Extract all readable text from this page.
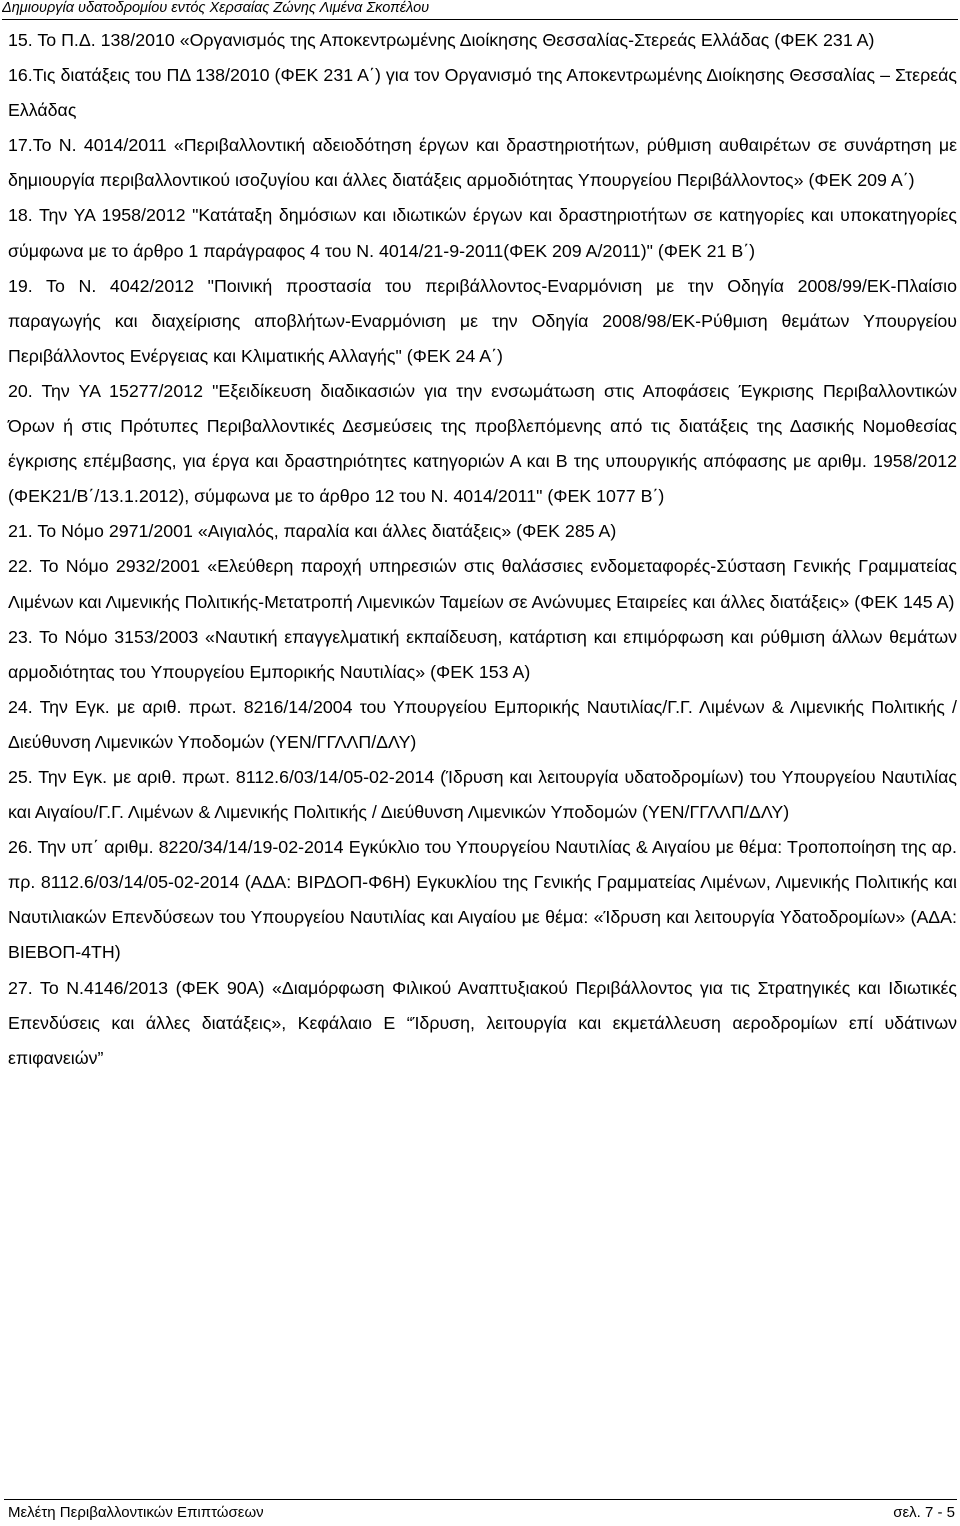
Δημιουργία υδατοδρομίου εντός Χερσαίας Ζώνης Λιμένα Σκοπέλου

15. Το Π.Δ. 138/2010 «Οργανισμός της Αποκεντρωμένης Διοίκησης Θεσσαλίας-Στερεάς Ελλάδας (ΦΕΚ 231 Α)

16.Τις διατάξεις του ΠΔ 138/2010 (ΦΕΚ 231 Α΄) για τον Οργανισμό της Αποκεντρωμένης Διοίκησης Θεσσαλίας – Στερεάς Ελλάδας

17.Το Ν. 4014/2011 «Περιβαλλοντική αδειοδότηση έργων και δραστηριοτήτων, ρύθμιση αυθαιρέτων σε συνάρτηση με δημιουργία περιβαλλοντικού ισοζυγίου και άλλες διατάξεις αρμοδιότητας Υπουργείου Περιβάλλοντος» (ΦΕΚ 209 Α΄)

18. Την ΥΑ 1958/2012 "Κατάταξη δημόσιων και ιδιωτικών έργων και δραστηριοτήτων σε κατηγορίες και υποκατηγορίες σύμφωνα με το άρθρο 1 παράγραφος 4 του Ν. 4014/21-9-2011(ΦΕΚ 209 Α/2011)" (ΦΕΚ 21 Β΄)

19. Το Ν. 4042/2012 "Ποινική προστασία του περιβάλλοντος-Εναρμόνιση με την Οδηγία 2008/99/ΕΚ-Πλαίσιο παραγωγής και διαχείρισης αποβλήτων-Εναρμόνιση με την Οδηγία 2008/98/ΕΚ-Ρύθμιση θεμάτων Υπουργείου Περιβάλλοντος Ενέργειας και Κλιματικής Αλλαγής" (ΦΕΚ 24 Α΄)

20. Την ΥΑ 15277/2012 "Εξειδίκευση διαδικασιών για την ενσωμάτωση στις Αποφάσεις Έγκρισης Περιβαλλοντικών Όρων ή στις Πρότυπες Περιβαλλοντικές Δεσμεύσεις της προβλεπόμενης από τις διατάξεις της Δασικής Νομοθεσίας έγκρισης επέμβασης, για έργα και δραστηριότητες κατηγοριών Α και Β της υπουργικής απόφασης με αριθμ. 1958/2012 (ΦΕΚ21/Β΄/13.1.2012), σύμφωνα με το άρθρο 12 του Ν. 4014/2011" (ΦΕΚ 1077 Β΄)

21. Το Νόμο 2971/2001 «Αιγιαλός, παραλία και άλλες διατάξεις» (ΦΕΚ 285 Α)

22. Το Νόμο 2932/2001 «Ελεύθερη παροχή υπηρεσιών στις θαλάσσιες ενδομεταφορές-Σύσταση Γενικής Γραμματείας Λιμένων και Λιμενικής Πολιτικής-Μετατροπή Λιμενικών Ταμείων σε Ανώνυμες Εταιρείες και άλλες διατάξεις» (ΦΕΚ 145 Α)

23. Το Νόμο 3153/2003 «Ναυτική επαγγελματική εκπαίδευση, κατάρτιση και επιμόρφωση και ρύθμιση άλλων θεμάτων αρμοδιότητας του Υπουργείου Εμπορικής Ναυτιλίας» (ΦΕΚ 153 Α)

24. Την Εγκ. με αριθ. πρωτ. 8216/14/2004 του Υπουργείου Εμπορικής Ναυτιλίας/Γ.Γ. Λιμένων & Λιμενικής Πολιτικής / Διεύθυνση Λιμενικών Υποδομών (ΥΕΝ/ΓΓΛΛΠ/ΔΛΥ)

25. Την Εγκ. με αριθ. πρωτ. 8112.6/03/14/05-02-2014 (Ίδρυση και λειτουργία υδατοδρομίων) του Υπουργείου Ναυτιλίας και Αιγαίου/Γ.Γ. Λιμένων & Λιμενικής Πολιτικής / Διεύθυνση Λιμενικών Υποδομών (ΥΕΝ/ΓΓΛΛΠ/ΔΛΥ)

26. Την υπ΄ αριθμ. 8220/34/14/19-02-2014 Εγκύκλιο του Υπουργείου Ναυτιλίας & Αιγαίου με θέμα: Τροποποίηση της αρ. πρ. 8112.6/03/14/05-02-2014 (ΑΔΑ: ΒΙΡΔΟΠ-Φ6Η) Εγκυκλίου της Γενικής Γραμματείας Λιμένων, Λιμενικής Πολιτικής και Ναυτιλιακών Επενδύσεων του Υπουργείου Ναυτιλίας και Αιγαίου με θέμα: «Ίδρυση και λειτουργία Υδατοδρομίων» (ΑΔΑ: ΒΙΕΒΟΠ-4ΤΗ)

27. Το Ν.4146/2013 (ΦΕΚ 90Α) «Διαμόρφωση Φιλικού Αναπτυξιακού Περιβάλλοντος για τις Στρατηγικές και Ιδιωτικές Επενδύσεις και άλλες διατάξεις», Κεφάλαιο Ε “Ίδρυση, λειτουργία και εκμετάλλευση αεροδρομίων επί υδάτινων επιφανειών”

Μελέτη Περιβαλλοντικών Επιπτώσεων	σελ. 7 - 5
